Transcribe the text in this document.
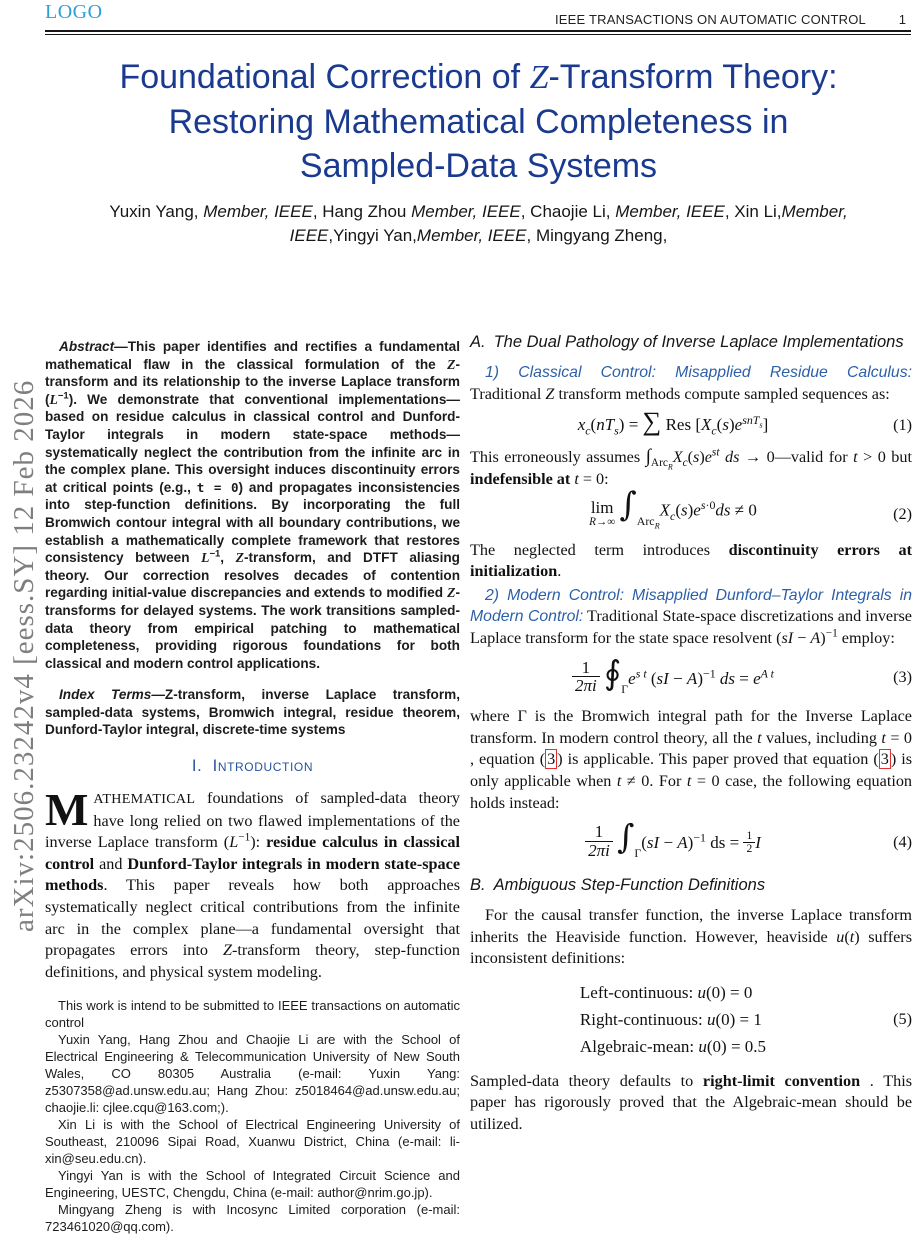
LOGO	IEEE TRANSACTIONS ON AUTOMATIC CONTROL	1
arXiv:2506.23242v4 [eess.SY] 12 Feb 2026
Foundational Correction of Z-Transform Theory:
Restoring Mathematical Completeness in
Sampled-Data Systems
Yuxin Yang, Member, IEEE, Hang Zhou Member, IEEE, Chaojie Li, Member, IEEE, Xin Li,Member,
IEEE,Yingyi Yan,Member, IEEE, Mingyang Zheng,

Abstract—This paper identifies and rectifies a fundamental mathematical flaw in the classical formulation of the Z-transform and its relationship to the inverse Laplace transform $(L^{-1})$. We demonstrate that conventional implementations—based on residue calculus in classical control and Dunford-Taylor integrals in modern state-space methods—systematically neglect the contribution from the infinite arc in the complex plane. This oversight induces discontinuity errors at critical points (e.g., t = 0) and propagates inconsistencies into step-function definitions. By incorporating the full Bromwich contour integral with all boundary contributions, we establish a mathematically complete framework that restores consistency between $L^{-1}$, Z-transform, and DTFT aliasing theory. Our correction resolves decades of contention regarding initial-value discrepancies and extends to modified Z-transforms for delayed systems. The work transitions sampled-data theory from empirical patching to mathematical completeness, providing rigorous foundations for both classical and modern control applications.

Index Terms—Z-transform, inverse Laplace transform, sampled-data systems, Bromwich integral, residue theorem, Dunford-Taylor integral, discrete-time systems

I. Introduction

MATHEMATICAL foundations of sampled-data theory have long relied on two flawed implementations of the inverse Laplace transform $(L^{-1})$: residue calculus in classical control and Dunford-Taylor integrals in modern state-space methods. This paper reveals how both approaches systematically neglect critical contributions from the infinite arc in the complex plane—a fundamental oversight that propagates errors into Z-transform theory, step-function definitions, and physical system modeling.

This work is intend to be submitted to IEEE transactions on automatic control

Yuxin Yang, Hang Zhou and Chaojie Li are with the School of Electrical Engineering & Telecommunication University of New South Wales, CO 80305 Australia (e-mail: Yuxin Yang: z5307358@ad.unsw.edu.au; Hang Zhou: z5018464@ad.unsw.edu.au; chaojie.li: cjlee.cqu@163.com;).

Xin Li is with the School of Electrical Engineering University of Southeast, 210096 Sipai Road, Xuanwu District, China (e-mail: li-xin@seu.edu.cn).

Yingyi Yan is with the School of Integrated Circuit Science and Engineering, UESTC, Chengdu, China (e-mail: author@nrim.go.jp).

Mingyang Zheng is with Incosync Limited corporation (e-mail: 723461020@qq.com).

A. The Dual Pathology of Inverse Laplace Implementations

1) Classical Control: Misapplied Residue Calculus: Traditional Z transform methods compute sampled sequences as:

$x_c(nT_s)$ = ∑ Res $[X_c(s)e^{snT_s}]$	(1)

This erroneously assumes $\int_{Arc_R}X_c(s)e^{st}$ ds → 0—valid for t > 0 but indefensible at t = 0:

lim
R→∞ $\int_{Arc_R}X_c(s)e^{s\cdot 0}ds \ne 0$	(2)

The neglected term introduces discontinuity errors at initialization.

2) Modern Control: Misapplied Dunford–Taylor Integrals in Modern Control: Traditional State-space discretizations and inverse Laplace transform for the state space resolvent (sI − A)$^{-1}$ employ:

$\frac{1}{2\pi i}$ $∮_\Gamma e^{s t}$ (sI − A)$^{-1}$ ds = $e^{A t}$	(3)

where Γ is the Bromwich integral path for the Inverse Laplace transform. In modern control theory, all the t values, including t = 0 , equation ( 3 ) is applicable. This paper proved that equation ( 3 ) is only applicable when t ≠ 0. For t = 0 case, the following equation holds instead:

$\frac{1}{2\pi i} \int_\Gamma(sI - A)^{-1}$ ds = $\frac{1}{2}$ I	(4)
B. Ambiguous Step-Function Definitions

For the causal transfer function, the inverse Laplace transform inherits the Heaviside function. However, heaviside u(t) suffers inconsistent definitions:

Left-continuous: u(0) = 0
Right-continuous: u(0) = 1
Algebraic-mean: u(0) = 0.5
(5)

Sampled-data theory defaults to right-limit convention . This paper has rigorously proved that the Algebraic-mean should be utilized.
